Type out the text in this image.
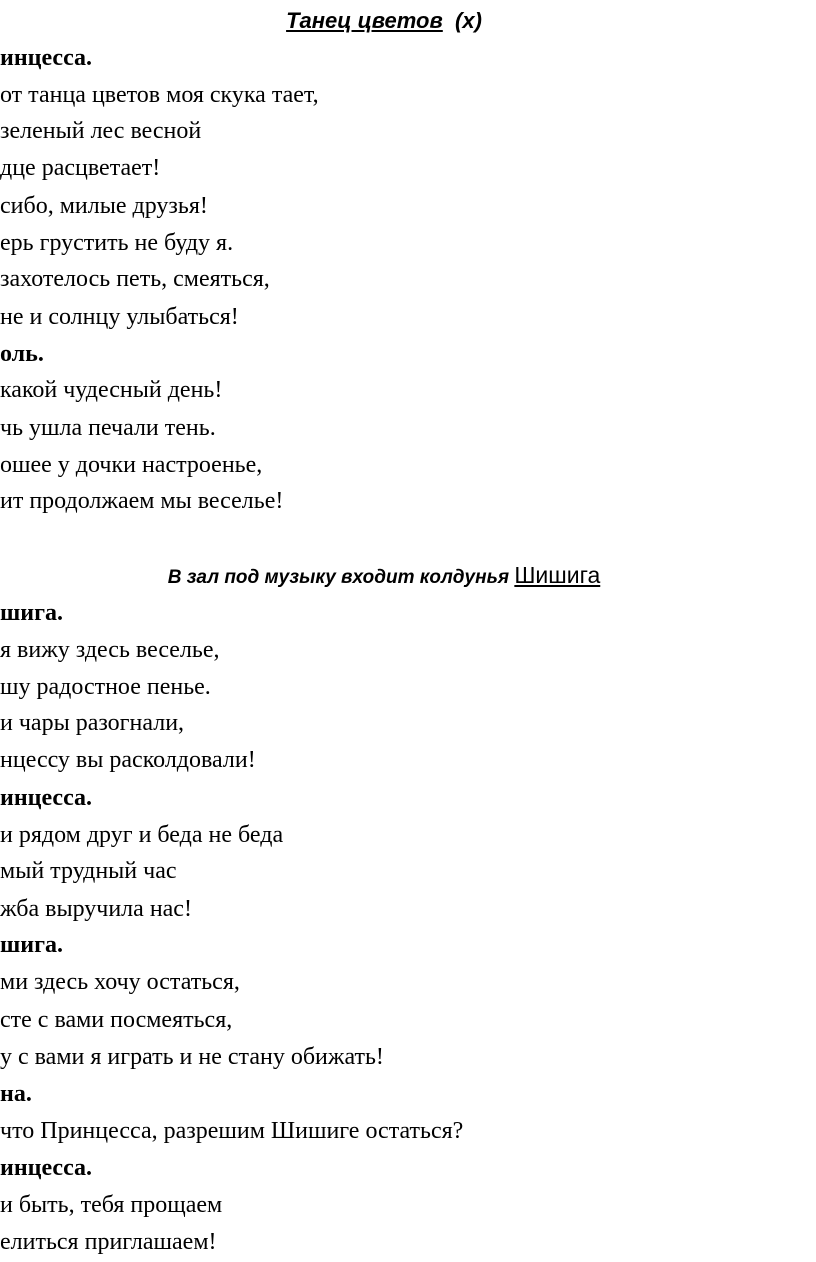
Танец цветов (х)
инцесса.
от танца цветов моя скука тает,
зеленый лес весной
дце расцветает!
сибо, милые друзья!
ерь грустить не буду я.
захотелось петь, смеяться,
не и солнцу улыбаться!
оль.
какой чудесный день!
чь ушла печали тень.
ошее у дочки настроенье,
ит продолжаем мы веселье!
В зал под музыку входит колдунья Шишига
шига.
я вижу здесь веселье,
шу радостное пенье.
и чары разогнали,
нцессу вы расколдовали!
инцесса.
и рядом друг и беда не беда
мый трудный час
жба выручила нас!
шига.
ми здесь хочу остаться,
сте с вами посмеяться,
у с вами я играть и не стану обижать!
на.
что Принцесса, разрешим Шишиге остаться?
инцесса.
и быть, тебя прощаем
елиться приглашаем!
